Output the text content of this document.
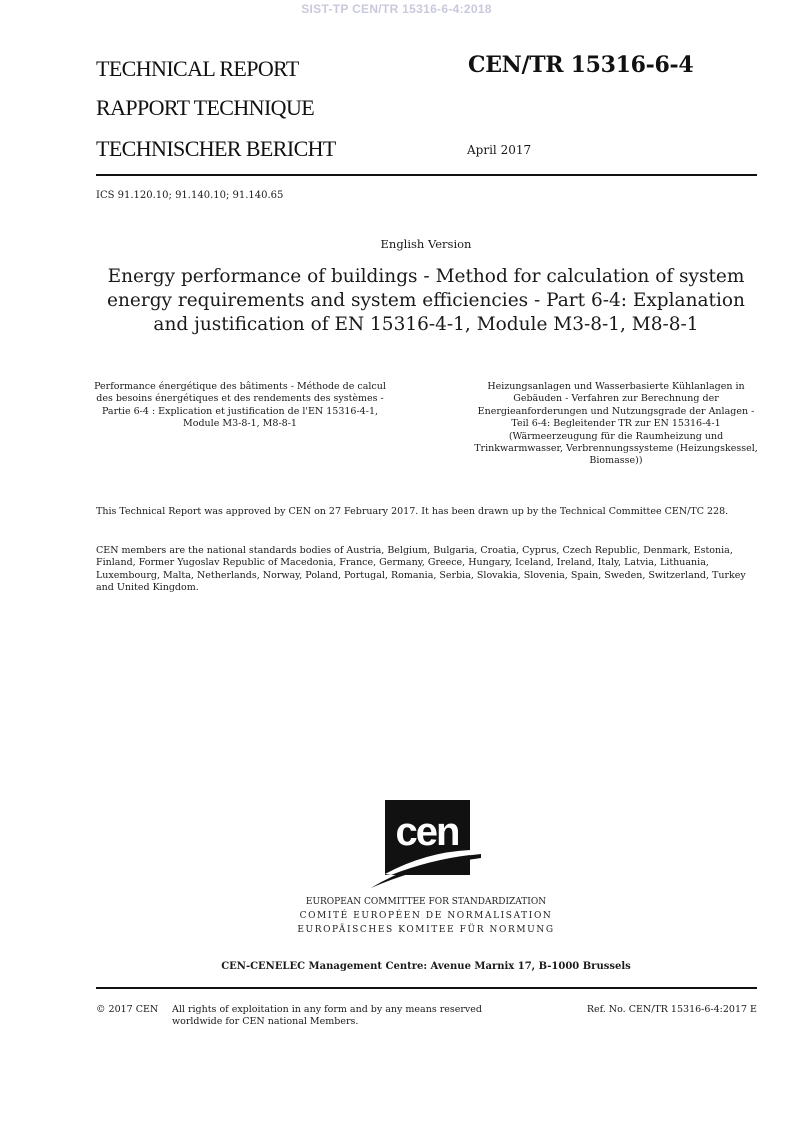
SIST-TP CEN/TR 15316-6-4:2018
TECHNICAL REPORT
RAPPORT TECHNIQUE
TECHNISCHER BERICHT
CEN/TR 15316-6-4
April 2017
ICS 91.120.10; 91.140.10; 91.140.65
English Version
Energy performance of buildings - Method for calculation of system energy requirements and system efficiencies - Part 6-4: Explanation and justification of EN 15316-4-1, Module M3-8-1, M8-8-1
Performance énergétique des bâtiments - Méthode de calcul des besoins énergétiques et des rendements des systèmes - Partie 6-4 : Explication et justification de l'EN 15316-4-1, Module M3-8-1, M8-8-1
Heizungsanlagen und Wasserbasierte Kühlanlagen in Gebäuden - Verfahren zur Berechnung der Energieanforderungen und Nutzungsgrade der Anlagen - Teil 6-4: Begleitender TR zur EN 15316-4-1 (Wärmeerzeugung für die Raumheizung und Trinkwarmwasser, Verbrennungssysteme (Heizungskessel, Biomasse))
This Technical Report was approved by CEN on 27 February 2017. It has been drawn up by the Technical Committee CEN/TC 228.
CEN members are the national standards bodies of Austria, Belgium, Bulgaria, Croatia, Cyprus, Czech Republic, Denmark, Estonia, Finland, Former Yugoslav Republic of Macedonia, France, Germany, Greece, Hungary, Iceland, Ireland, Italy, Latvia, Lithuania, Luxembourg, Malta, Netherlands, Norway, Poland, Portugal, Romania, Serbia, Slovakia, Slovenia, Spain, Sweden, Switzerland, Turkey and United Kingdom.
cen
EUROPEAN COMMITTEE FOR STANDARDIZATION
COMITÉ EUROPÉEN DE NORMALISATION
EUROPÄISCHES KOMITEE FÜR NORMUNG
CEN-CENELEC Management Centre: Avenue Marnix 17, B-1000 Brussels
© 2017 CEN All rights of exploitation in any form and by any means reserved worldwide for CEN national Members.
Ref. No. CEN/TR 15316-6-4:2017 E
